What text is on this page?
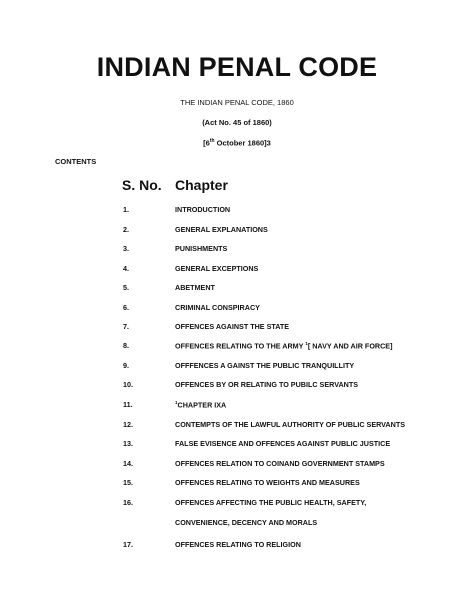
INDIAN PENAL CODE
THE INDIAN PENAL CODE, 1860
(Act No. 45 of 1860)
[6th October 1860]3
CONTENTS
S. No. Chapter
1.	INTRODUCTION
2.	GENERAL EXPLANATIONS
3.	PUNISHMENTS
4.	GENERAL EXCEPTIONS
5.	ABETMENT
6.	CRIMINAL CONSPIRACY
7.	OFFENCES AGAINST THE STATE
8.	OFFENCES RELATING TO THE ARMY $^1$[ NAVY AND AIR FORCE]
9.	OFFFENCES A GAINST THE PUBLIC TRANQUILLITY
10.	OFFENCES BY OR RELATING TO PUBILC SERVANTS
11.	$^1$CHAPTER IXA
12.	CONTEMPTS OF THE LAWFUL AUTHORITY OF PUBLIC SERVANTS
13.	FALSE EVISENCE AND OFFENCES AGAINST PUBLIC JUSTICE
14.	OFFENCES RELATION TO COINAND GOVERNMENT STAMPS
15.	OFFENCES RELATING TO WEIGHTS AND MEASURES
16.	OFFENCES AFFECTING THE PUBLIC HEALTH, SAFETY,
CONVENIENCE, DECENCY AND MORALS
17.	OFFENCES RELATING TO RELIGION
